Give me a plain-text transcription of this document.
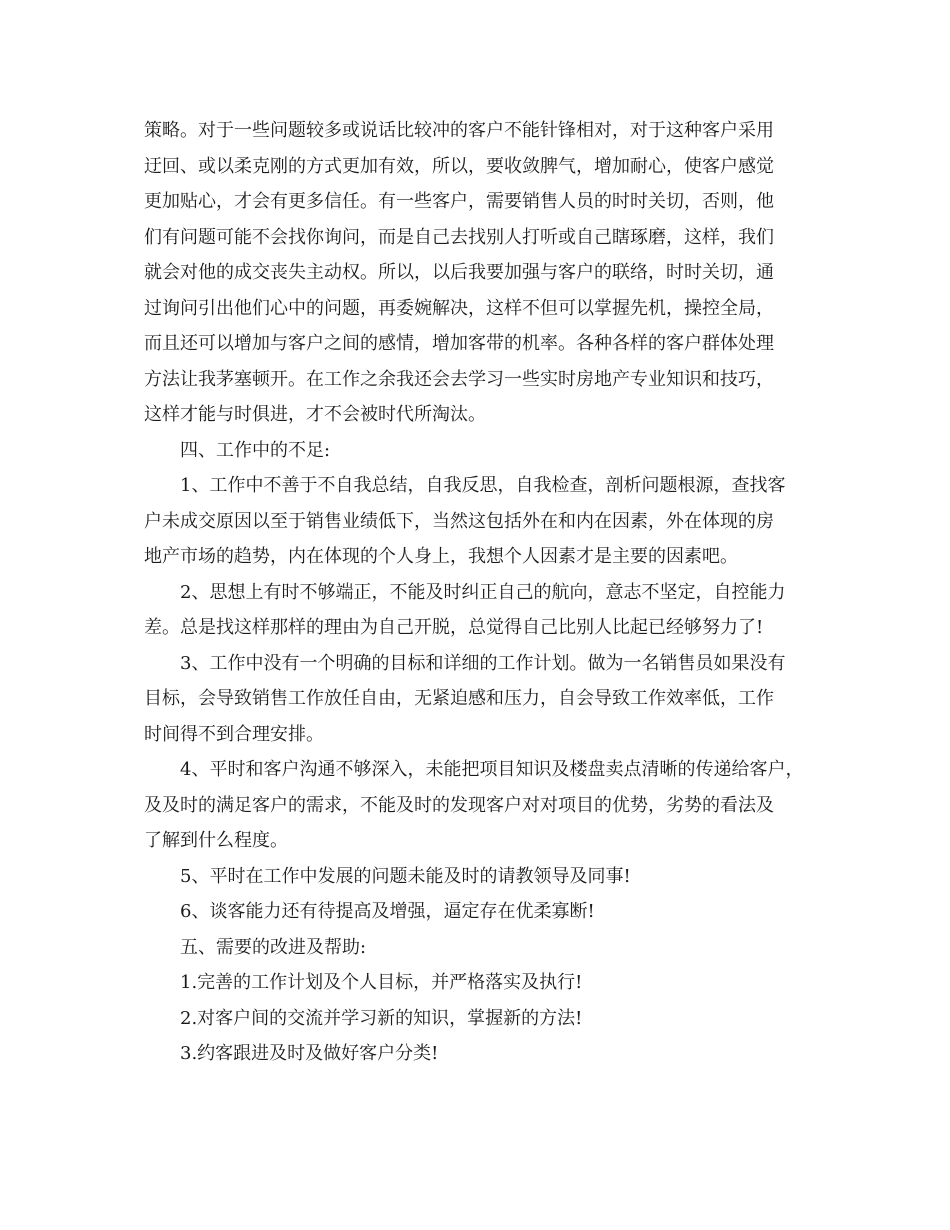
策略。对于一些问题较多或说话比较冲的客户不能针锋相对，对于这种客户采用
迂回、或以柔克刚的方式更加有效，所以，要收敛脾气，增加耐心，使客户感觉
更加贴心，才会有更多信任。有一些客户，需要销售人员的时时关切，否则，他
们有问题可能不会找你询问，而是自己去找别人打听或自己瞎琢磨，这样，我们
就会对他的成交丧失主动权。所以，以后我要加强与客户的联络，时时关切，通
过询问引出他们心中的问题，再委婉解决，这样不但可以掌握先机，操控全局，
而且还可以增加与客户之间的感情，增加客带的机率。各种各样的客户群体处理
方法让我茅塞顿开。在工作之余我还会去学习一些实时房地产专业知识和技巧，
这样才能与时俱进，才不会被时代所淘汰。
四、工作中的不足:
1、工作中不善于不自我总结，自我反思，自我检查，剖析问题根源，查找客
户未成交原因以至于销售业绩低下，当然这包括外在和内在因素，外在体现的房
地产市场的趋势，内在体现的个人身上，我想个人因素才是主要的因素吧。
2、思想上有时不够端正，不能及时纠正自己的航向，意志不坚定，自控能力
差。总是找这样那样的理由为自己开脱，总觉得自己比别人比起已经够努力了!
3、工作中没有一个明确的目标和详细的工作计划。做为一名销售员如果没有
目标，会导致销售工作放任自由，无紧迫感和压力，自会导致工作效率低，工作
时间得不到合理安排。
4、平时和客户沟通不够深入，未能把项目知识及楼盘卖点清晰的传递给客户，
及及时的满足客户的需求，不能及时的发现客户对对项目的优势，劣势的看法及
了解到什么程度。
5、平时在工作中发展的问题未能及时的请教领导及同事!
6、谈客能力还有待提高及增强，逼定存在优柔寡断!
五、需要的改进及帮助:
1.完善的工作计划及个人目标，并严格落实及执行!
2.对客户间的交流并学习新的知识，掌握新的方法!
3.约客跟进及时及做好客户分类!
